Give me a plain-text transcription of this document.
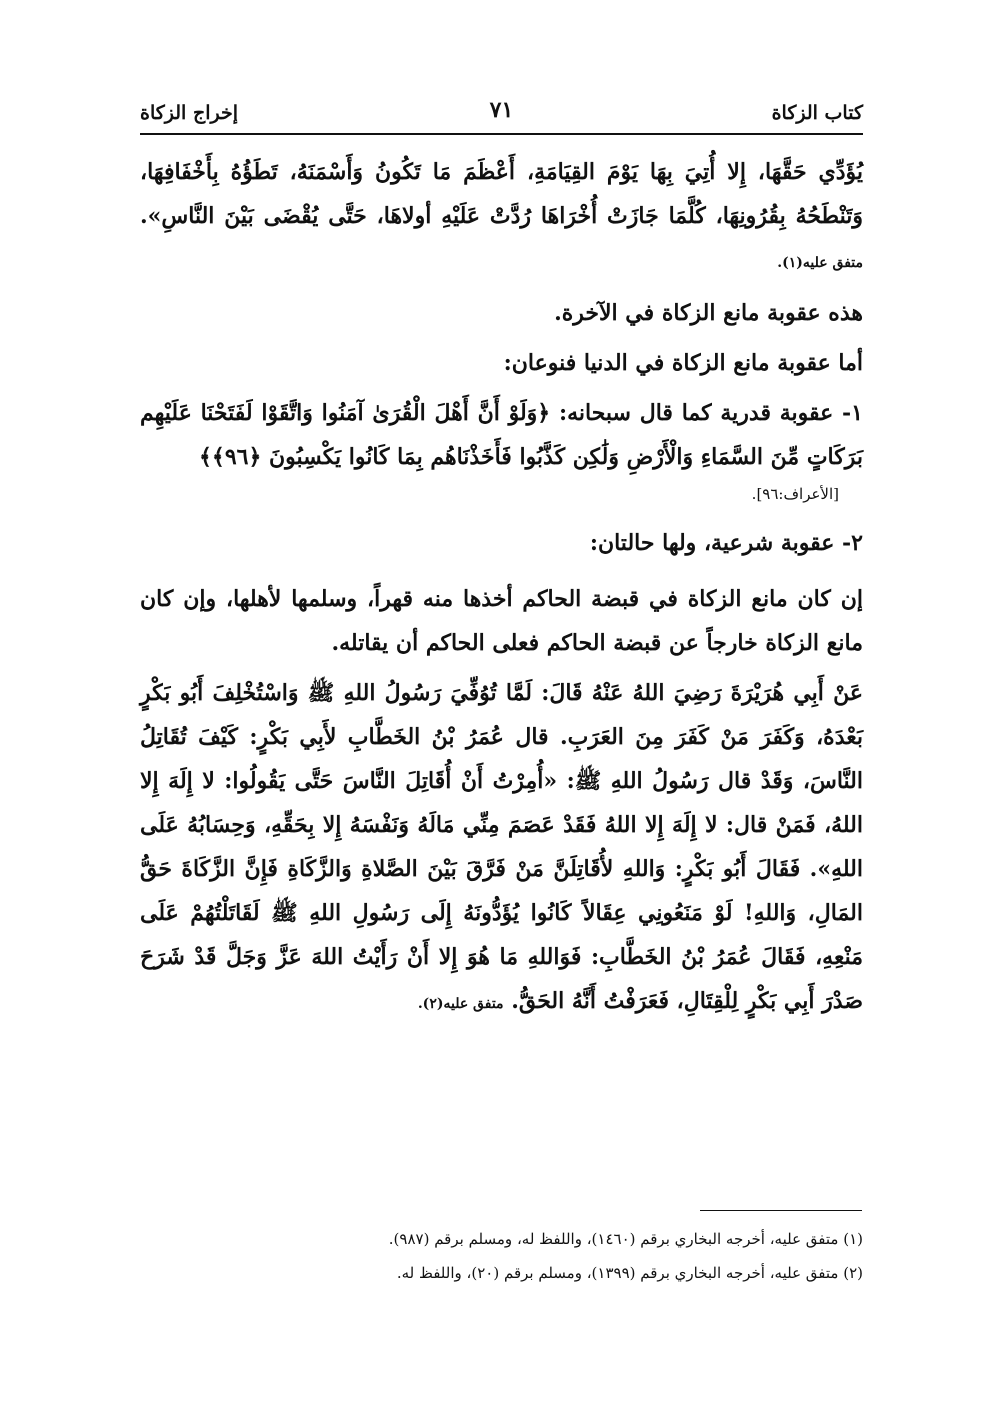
كتاب الزكاة
٧١
إخراج الزكاة

يُؤَدِّي حَقَّهَا، إِلا أُتِيَ بِهَا يَوْمَ القِيَامَةِ، أَعْظَمَ مَا تَكُونُ وَأَسْمَنَهُ، تَطَؤُهُ بِأَخْفَافِهَا، وَتَنْطَحُهُ بِقُرُونِهَا، كُلَّمَا جَازَتْ أُخْرَاهَا رُدَّتْ عَلَيْهِ أولاهَا، حَتَّى يُقْضَى بَيْنَ النَّاسِ». متفق عليه(١).

هذه عقوبة مانع الزكاة في الآخرة.

أما عقوبة مانع الزكاة في الدنيا فنوعان:

١- عقوبة قدرية كما قال سبحانه: ﴿وَلَوْ أَنَّ أَهْلَ الْقُرَىٰ آمَنُوا وَاتَّقَوْا لَفَتَحْنَا عَلَيْهِم بَرَكَاتٍ مِّنَ السَّمَاءِ وَالْأَرْضِ وَلَٰكِن كَذَّبُوا فَأَخَذْنَاهُم بِمَا كَانُوا يَكْسِبُونَ ﴿٩٦﴾﴾

[الأعراف:٩٦].

٢- عقوبة شرعية، ولها حالتان:

إن كان مانع الزكاة في قبضة الحاكم أخذها منه قهراً، وسلمها لأهلها، وإن كان مانع الزكاة خارجاً عن قبضة الحاكم فعلى الحاكم أن يقاتله.

عَنْ أَبِي هُرَيْرَةَ رَضِيَ اللهُ عَنْهُ قَالَ: لَمَّا تُوُفِّيَ رَسُولُ اللهِ ﷺ وَاسْتُخْلِفَ أَبُو بَكْرٍ بَعْدَهُ، وَكَفَرَ مَنْ كَفَرَ مِنَ العَرَبِ. قال عُمَرُ بْنُ الخَطَّابِ لأَبِي بَكْرٍ: كَيْفَ تُقَاتِلُ النَّاسَ، وَقَدْ قال رَسُولُ اللهِ ﷺ: «أُمِرْتُ أَنْ أُقَاتِلَ النَّاسَ حَتَّى يَقُولُوا: لا إِلَهَ إِلا اللهُ، فَمَنْ قال: لا إِلَهَ إِلا اللهُ فَقَدْ عَصَمَ مِنِّي مَالَهُ وَنَفْسَهُ إِلا بِحَقِّهِ، وَحِسَابُهُ عَلَى اللهِ». فَقَالَ أَبُو بَكْرٍ: وَاللهِ لأُقَاتِلَنَّ مَنْ فَرَّقَ بَيْنَ الصَّلاةِ وَالزَّكَاةِ فَإِنَّ الزَّكَاةَ حَقُّ المَالِ، وَاللهِ! لَوْ مَنَعُونِي عِقَالاً كَانُوا يُؤَدُّونَهُ إِلَى رَسُولِ اللهِ ﷺ لَقَاتَلْتُهُمْ عَلَى مَنْعِهِ، فَقَالَ عُمَرُ بْنُ الخَطَّابِ: فَوَاللهِ مَا هُوَ إِلا أَنْ رَأَيْتُ اللهَ عَزَّ وَجَلَّ قَدْ شَرَحَ صَدْرَ أَبِي بَكْرٍ لِلْقِتَالِ، فَعَرَفْتُ أَنَّهُ الحَقُّ. متفق عليه(٢).

(١) متفق عليه، أخرجه البخاري برقم (١٤٦٠)، واللفظ له، ومسلم برقم (٩٨٧).

(٢) متفق عليه، أخرجه البخاري برقم (١٣٩٩)، ومسلم برقم (٢٠)، واللفظ له.
